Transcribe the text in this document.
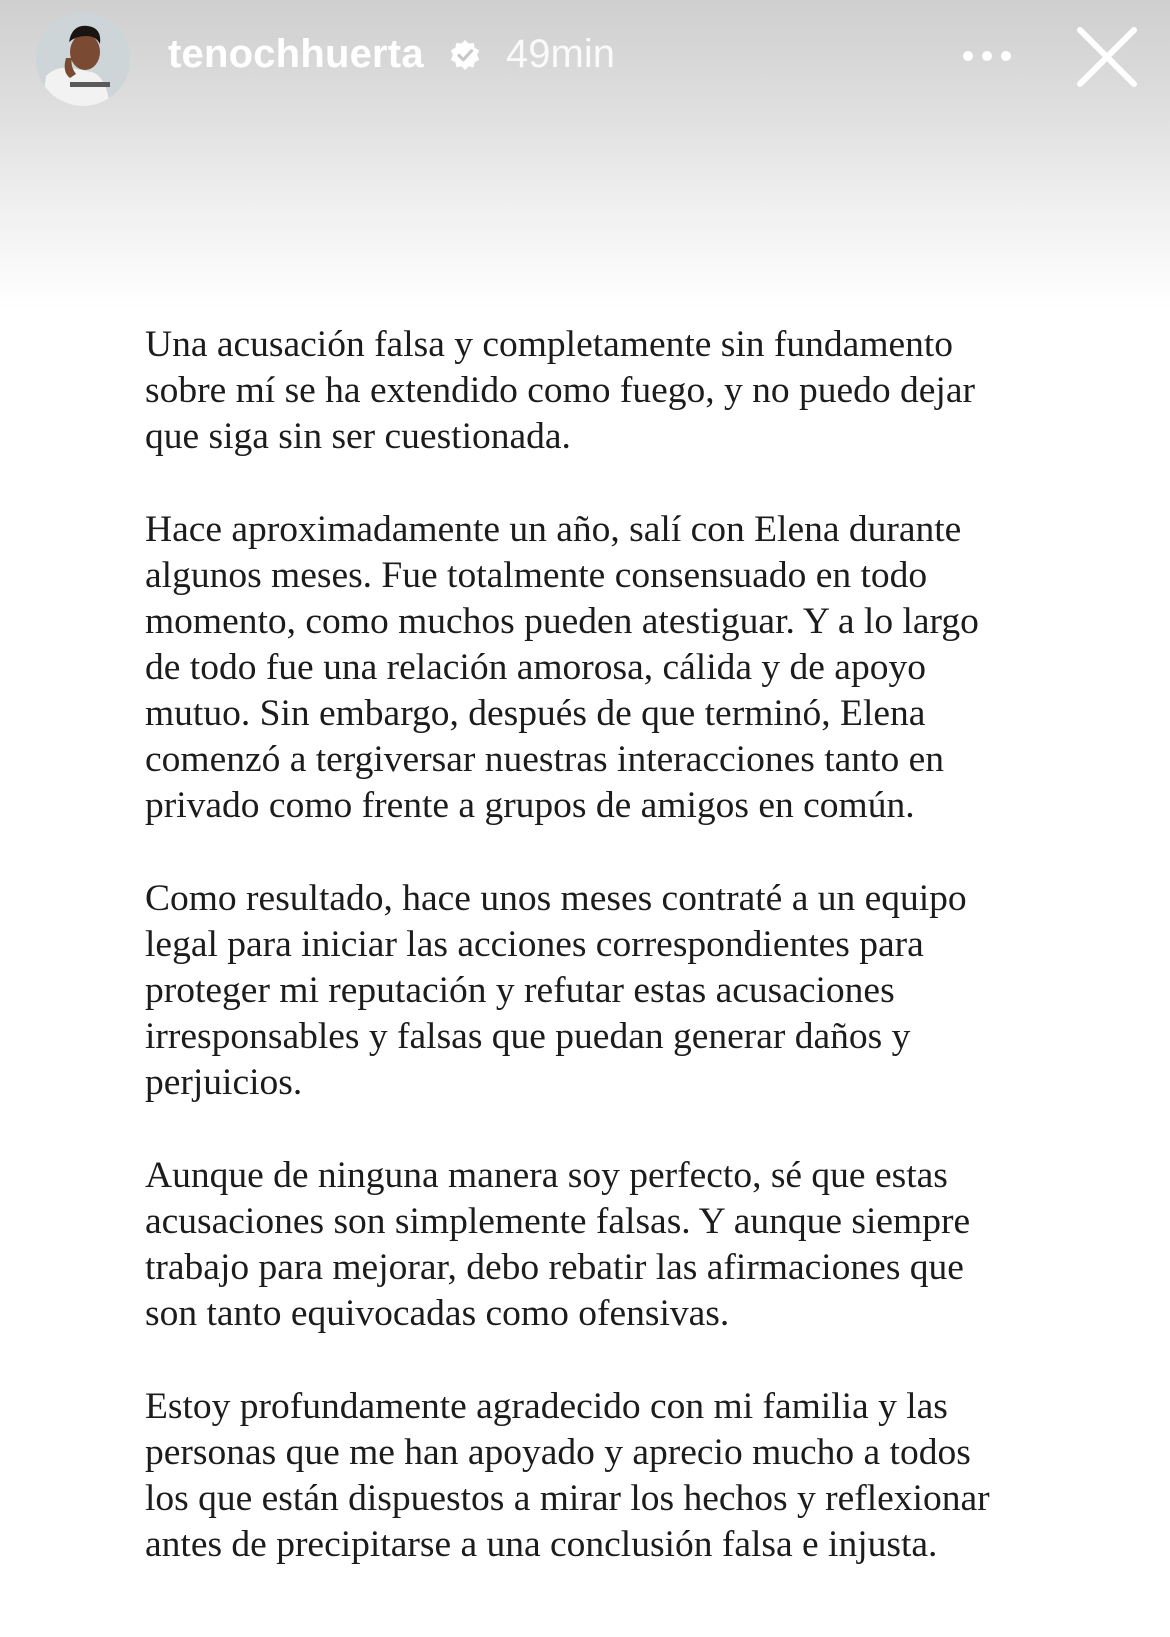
tenochhuerta 49min

Una acusación falsa y completamente sin fundamento
sobre mí se ha extendido como fuego, y no puedo dejar
que siga sin ser cuestionada.

Hace aproximadamente un año, salí con Elena durante
algunos meses. Fue totalmente consensuado en todo
momento, como muchos pueden atestiguar. Y a lo largo
de todo fue una relación amorosa, cálida y de apoyo
mutuo. Sin embargo, después de que terminó, Elena
comenzó a tergiversar nuestras interacciones tanto en
privado como frente a grupos de amigos en común.

Como resultado, hace unos meses contraté a un equipo
legal para iniciar las acciones correspondientes para
proteger mi reputación y refutar estas acusaciones
irresponsables y falsas que puedan generar daños y
perjuicios.

Aunque de ninguna manera soy perfecto, sé que estas
acusaciones son simplemente falsas. Y aunque siempre
trabajo para mejorar, debo rebatir las afirmaciones que
son tanto equivocadas como ofensivas.

Estoy profundamente agradecido con mi familia y las
personas que me han apoyado y aprecio mucho a todos
los que están dispuestos a mirar los hechos y reflexionar
antes de precipitarse a una conclusión falsa e injusta.
